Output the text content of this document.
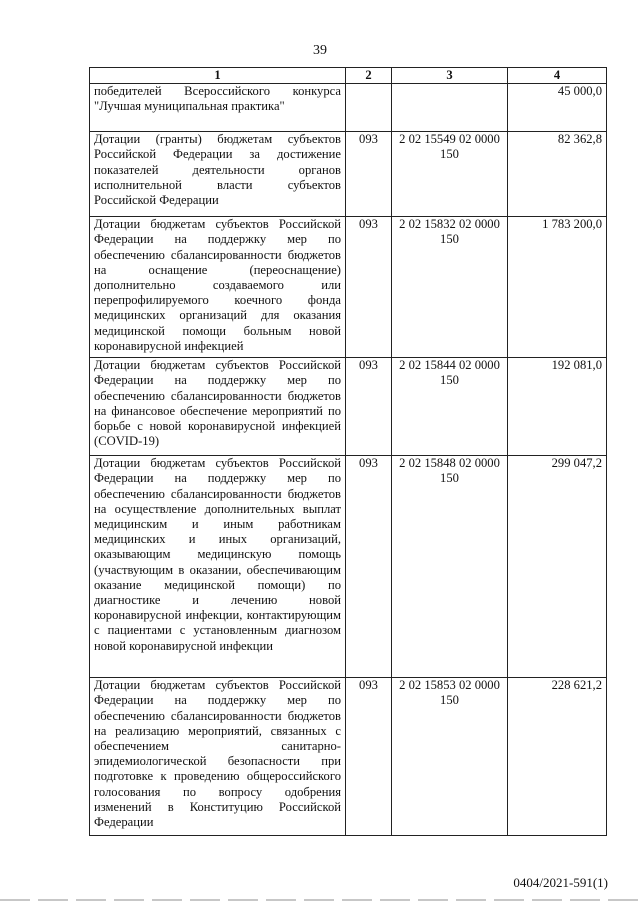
39
1	2	3	4

победителей Всероссийского конкурса "Лучшая муниципальная практика"			45 000,0

Дотации (гранты) бюджетам субъектов Российской Федерации за достижение показателей деятельности органов исполнительной власти субъектов Российской Федерации	093	2 02 15549 02 0000 150	82 362,8

Дотации бюджетам субъектов Российской Федерации на поддержку мер по обеспечению сбалансированности бюджетов на оснащение (переоснащение) дополнительно создаваемого или перепрофилируемого коечного фонда медицинских организаций для оказания медицинской помощи больным новой коронавирусной инфекцией	093	2 02 15832 02 0000 150	1 783 200,0

Дотации бюджетам субъектов Российской Федерации на поддержку мер по обеспечению сбалансированности бюджетов на финансовое обеспечение мероприятий по борьбе с новой коронавирусной инфекцией (COVID-19)	093	2 02 15844 02 0000 150	192 081,0

Дотации бюджетам субъектов Российской Федерации на поддержку мер по обеспечению сбалансированности бюджетов на осуществление дополнительных выплат медицинским и иным работникам медицинских и иных организаций, оказывающим медицинскую помощь (участвующим в оказании, обеспечивающим оказание медицинской помощи) по диагностике и лечению новой коронавирусной инфекции, контактирующим с пациентами с установленным диагнозом новой коронавирусной инфекции	093	2 02 15848 02 0000 150	299 047,2

Дотации бюджетам субъектов Российской Федерации на поддержку мер по обеспечению сбалансированности бюджетов на реализацию мероприятий, связанных с обеспечением санитарно-эпидемиологической безопасности при подготовке к проведению общероссийского голосования по вопросу одобрения изменений в Конституцию Российской Федерации	093	2 02 15853 02 0000 150	228 621,2
0404/2021-591(1)
